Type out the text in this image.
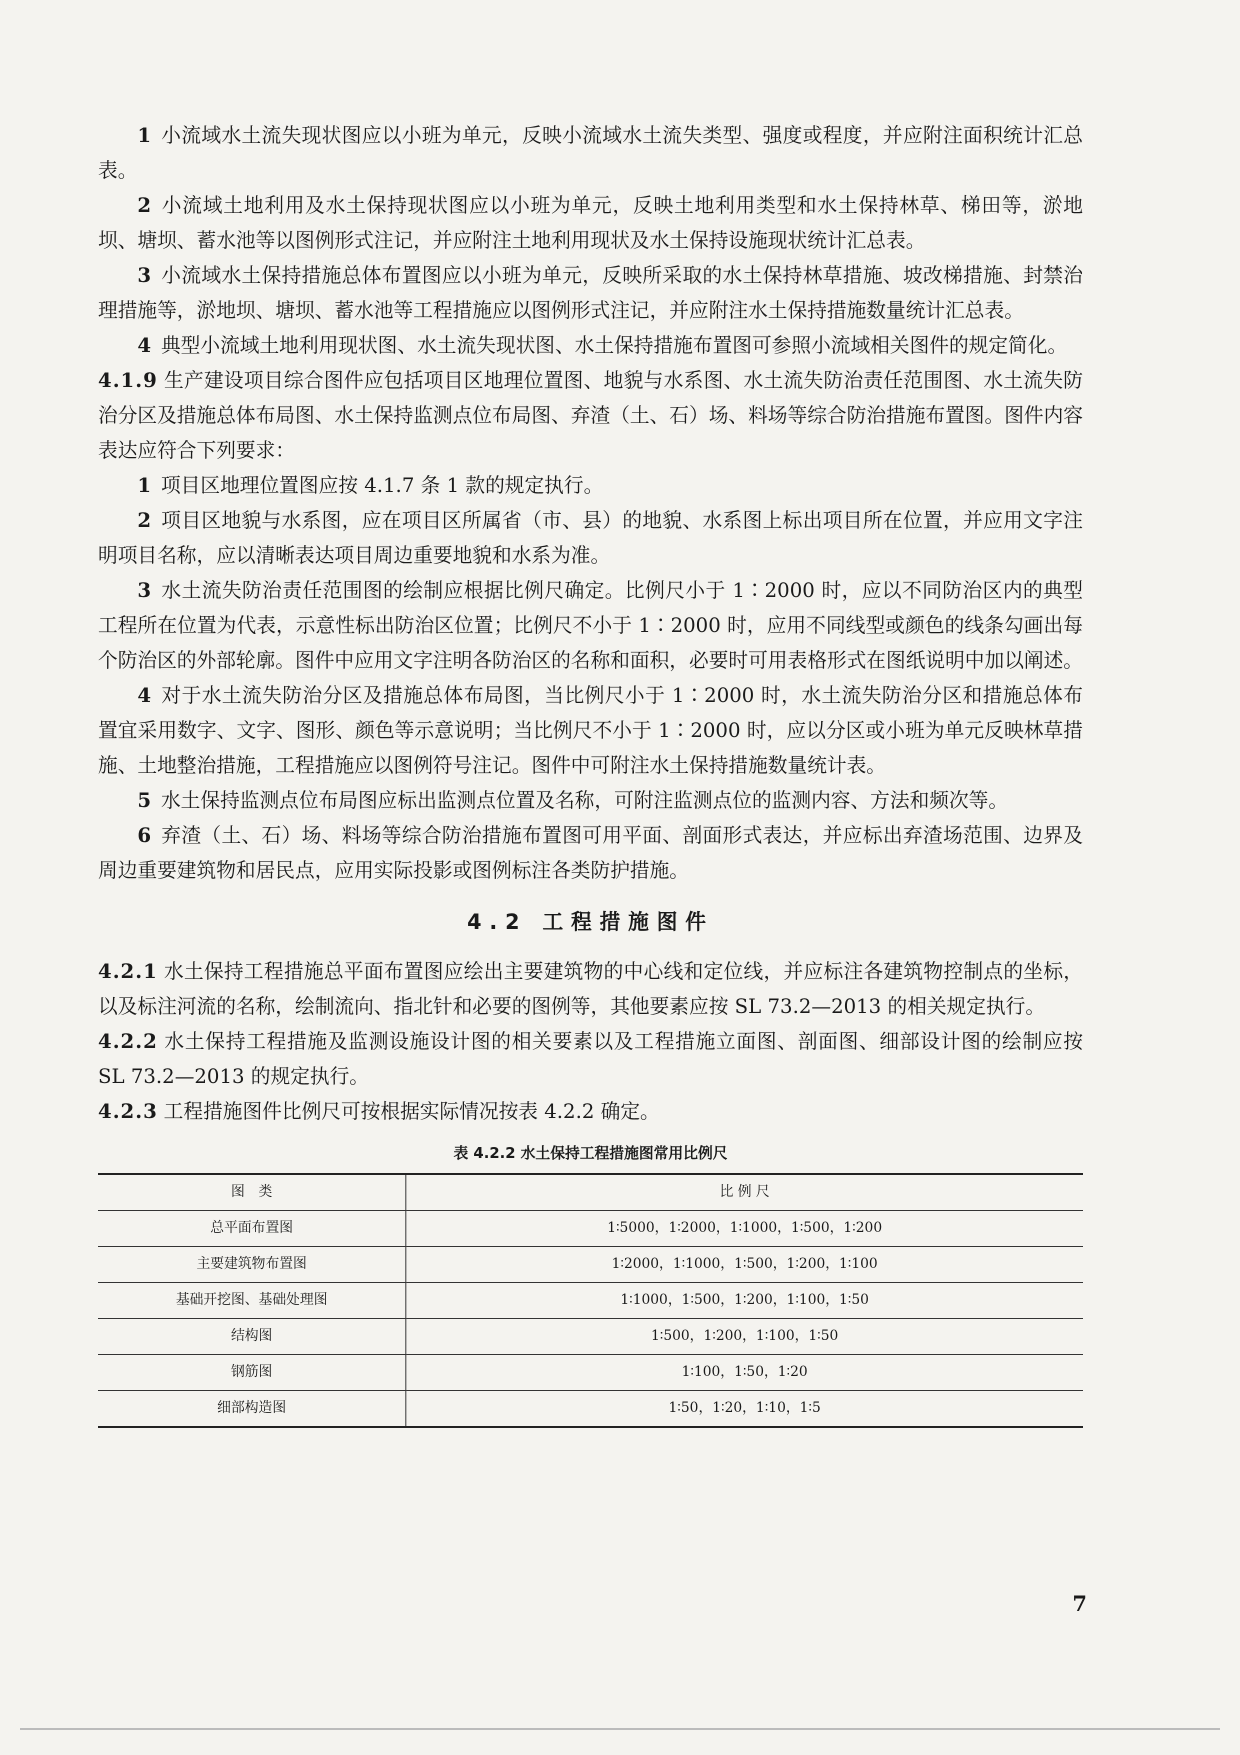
1 小流域水土流失现状图应以小班为单元，反映小流域水土流失类型、强度或程度，并应附注面积统计汇总表。

2 小流域土地利用及水土保持现状图应以小班为单元，反映土地利用类型和水土保持林草、梯田等，淤地坝、塘坝、蓄水池等以图例形式注记，并应附注土地利用现状及水土保持设施现状统计汇总表。

3 小流域水土保持措施总体布置图应以小班为单元，反映所采取的水土保持林草措施、坡改梯措施、封禁治理措施等，淤地坝、塘坝、蓄水池等工程措施应以图例形式注记，并应附注水土保持措施数量统计汇总表。

4 典型小流域土地利用现状图、水土流失现状图、水土保持措施布置图可参照小流域相关图件的规定简化。

4.1.9 生产建设项目综合图件应包括项目区地理位置图、地貌与水系图、水土流失防治责任范围图、水土流失防治分区及措施总体布局图、水土保持监测点位布局图、弃渣（土、石）场、料场等综合防治措施布置图。图件内容表达应符合下列要求：

1 项目区地理位置图应按 4.1.7 条 1 款的规定执行。

2 项目区地貌与水系图，应在项目区所属省（市、县）的地貌、水系图上标出项目所在位置，并应用文字注明项目名称，应以清晰表达项目周边重要地貌和水系为准。

3 水土流失防治责任范围图的绘制应根据比例尺确定。比例尺小于 1∶2000 时，应以不同防治区内的典型工程所在位置为代表，示意性标出防治区位置；比例尺不小于 1∶2000 时，应用不同线型或颜色的线条勾画出每个防治区的外部轮廓。图件中应用文字注明各防治区的名称和面积，必要时可用表格形式在图纸说明中加以阐述。

4 对于水土流失防治分区及措施总体布局图，当比例尺小于 1∶2000 时，水土流失防治分区和措施总体布置宜采用数字、文字、图形、颜色等示意说明；当比例尺不小于 1∶2000 时，应以分区或小班为单元反映林草措施、土地整治措施，工程措施应以图例符号注记。图件中可附注水土保持措施数量统计表。

5 水土保持监测点位布局图应标出监测点位置及名称，可附注监测点位的监测内容、方法和频次等。

6 弃渣（土、石）场、料场等综合防治措施布置图可用平面、剖面形式表达，并应标出弃渣场范围、边界及周边重要建筑物和居民点，应用实际投影或图例标注各类防护措施。

4.2 工程措施图件

4.2.1 水土保持工程措施总平面布置图应绘出主要建筑物的中心线和定位线，并应标注各建筑物控制点的坐标，以及标注河流的名称，绘制流向、指北针和必要的图例等，其他要素应按 SL 73.2—2013 的相关规定执行。

4.2.2 水土保持工程措施及监测设施设计图的相关要素以及工程措施立面图、剖面图、细部设计图的绘制应按 SL 73.2—2013 的规定执行。

4.2.3 工程措施图件比例尺可按根据实际情况按表 4.2.2 确定。

表 4.2.2 水土保持工程措施图常用比例尺
图　类	比 例 尺
总平面布置图	1∶5000，1∶2000，1∶1000，1∶500，1∶200
主要建筑物布置图	1∶2000，1∶1000，1∶500，1∶200，1∶100
基础开挖图、基础处理图	1∶1000，1∶500，1∶200，1∶100，1∶50
结构图	1∶500，1∶200，1∶100，1∶50
钢筋图	1∶100，1∶50，1∶20
细部构造图	1∶50，1∶20，1∶10，1∶5
7
